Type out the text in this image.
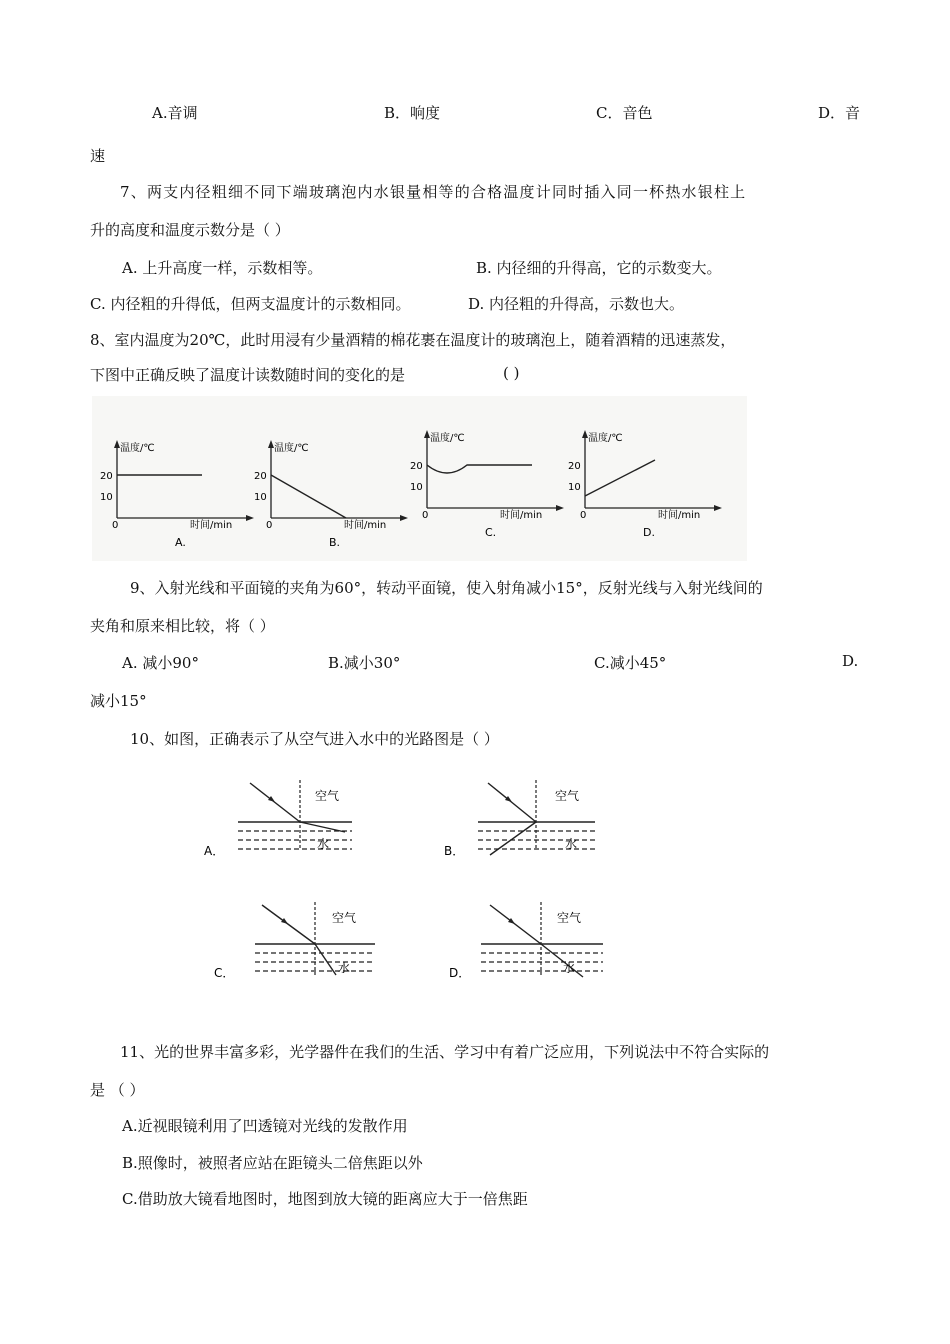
A.音调	B．响度	C．音色	D．音
速
7、两支内径粗细不同下端玻璃泡内水银量相等的合格温度计同时插入同一杯热水银柱上
升的高度和温度示数分是（ ）
A. 上升高度一样，示数相等。	B. 内径细的升得高，它的示数变大。
C. 内径粗的升得低，但两支温度计的示数相同。	D. 内径粗的升得高，示数也大。
8、室内温度为20℃，此时用浸有少量酒精的棉花裹在温度计的玻璃泡上，随着酒精的迅速蒸发，
下图中正确反映了温度计读数随时间的变化的是	( )
温度/℃
20
10
0	时间/min
A.
温度/℃
20
10
0	时间/min
B.
温度/℃
20
10
0	时间/min
C.
温度/℃
20
10
0	时间/min
D.
9、入射光线和平面镜的夹角为60°，转动平面镜，使入射角减小15°，反射光线与入射光线间的
夹角和原来相比较，将（ ）
A. 减小90°	B.减小30°	C.减小45°	D.
减小15°
10、如图，正确表示了从空气进入水中的光路图是（ ）
空气
水
A．
空气
水
B．
空气
水
C．
空气
水
D．
11、光的世界丰富多彩，光学器件在我们的生活、学习中有着广泛应用，下列说法中不符合实际的
是 （ ）
A.近视眼镜利用了凹透镜对光线的发散作用
B.照像时，被照者应站在距镜头二倍焦距以外
C.借助放大镜看地图时，地图到放大镜的距离应大于一倍焦距
